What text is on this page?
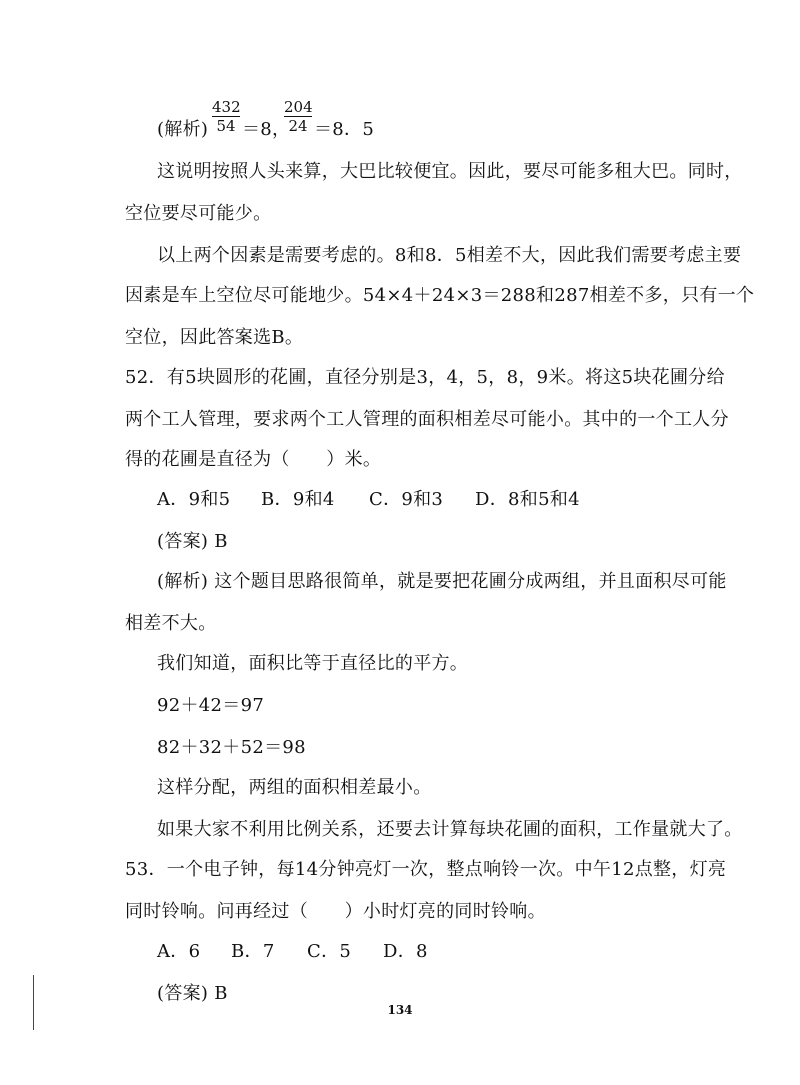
(解析)
432
54 ＝8，
204
24 ＝8．5
这说明按照人头来算，大巴比较便宜。因此，要尽可能多租大巴。同时，
空位要尽可能少。
以上两个因素是需要考虑的。8和8．5相差不大，因此我们需要考虑主要
因素是车上空位尽可能地少。54×4＋24×3＝288和287相差不多，只有一个
空位，因此答案选B。
52．有5块圆形的花圃，直径分别是3，4，5，8，9米。将这5块花圃分给
两个工人管理，要求两个工人管理的面积相差尽可能小。其中的一个工人分
得的花圃是直径为（　　）米。
A．9和5 B．9和4 C．9和3 D．8和5和4
(答案) B
(解析) 这个题目思路很简单，就是要把花圃分成两组，并且面积尽可能
相差不大。
我们知道，面积比等于直径比的平方。
92＋42＝97
82＋32＋52＝98
这样分配，两组的面积相差最小。
如果大家不利用比例关系，还要去计算每块花圃的面积，工作量就大了。
53．一个电子钟，每14分钟亮灯一次，整点响铃一次。中午12点整，灯亮
同时铃响。问再经过（　　）小时灯亮的同时铃响。
A．6 B．7 C．5 D．8
(答案) B
134
